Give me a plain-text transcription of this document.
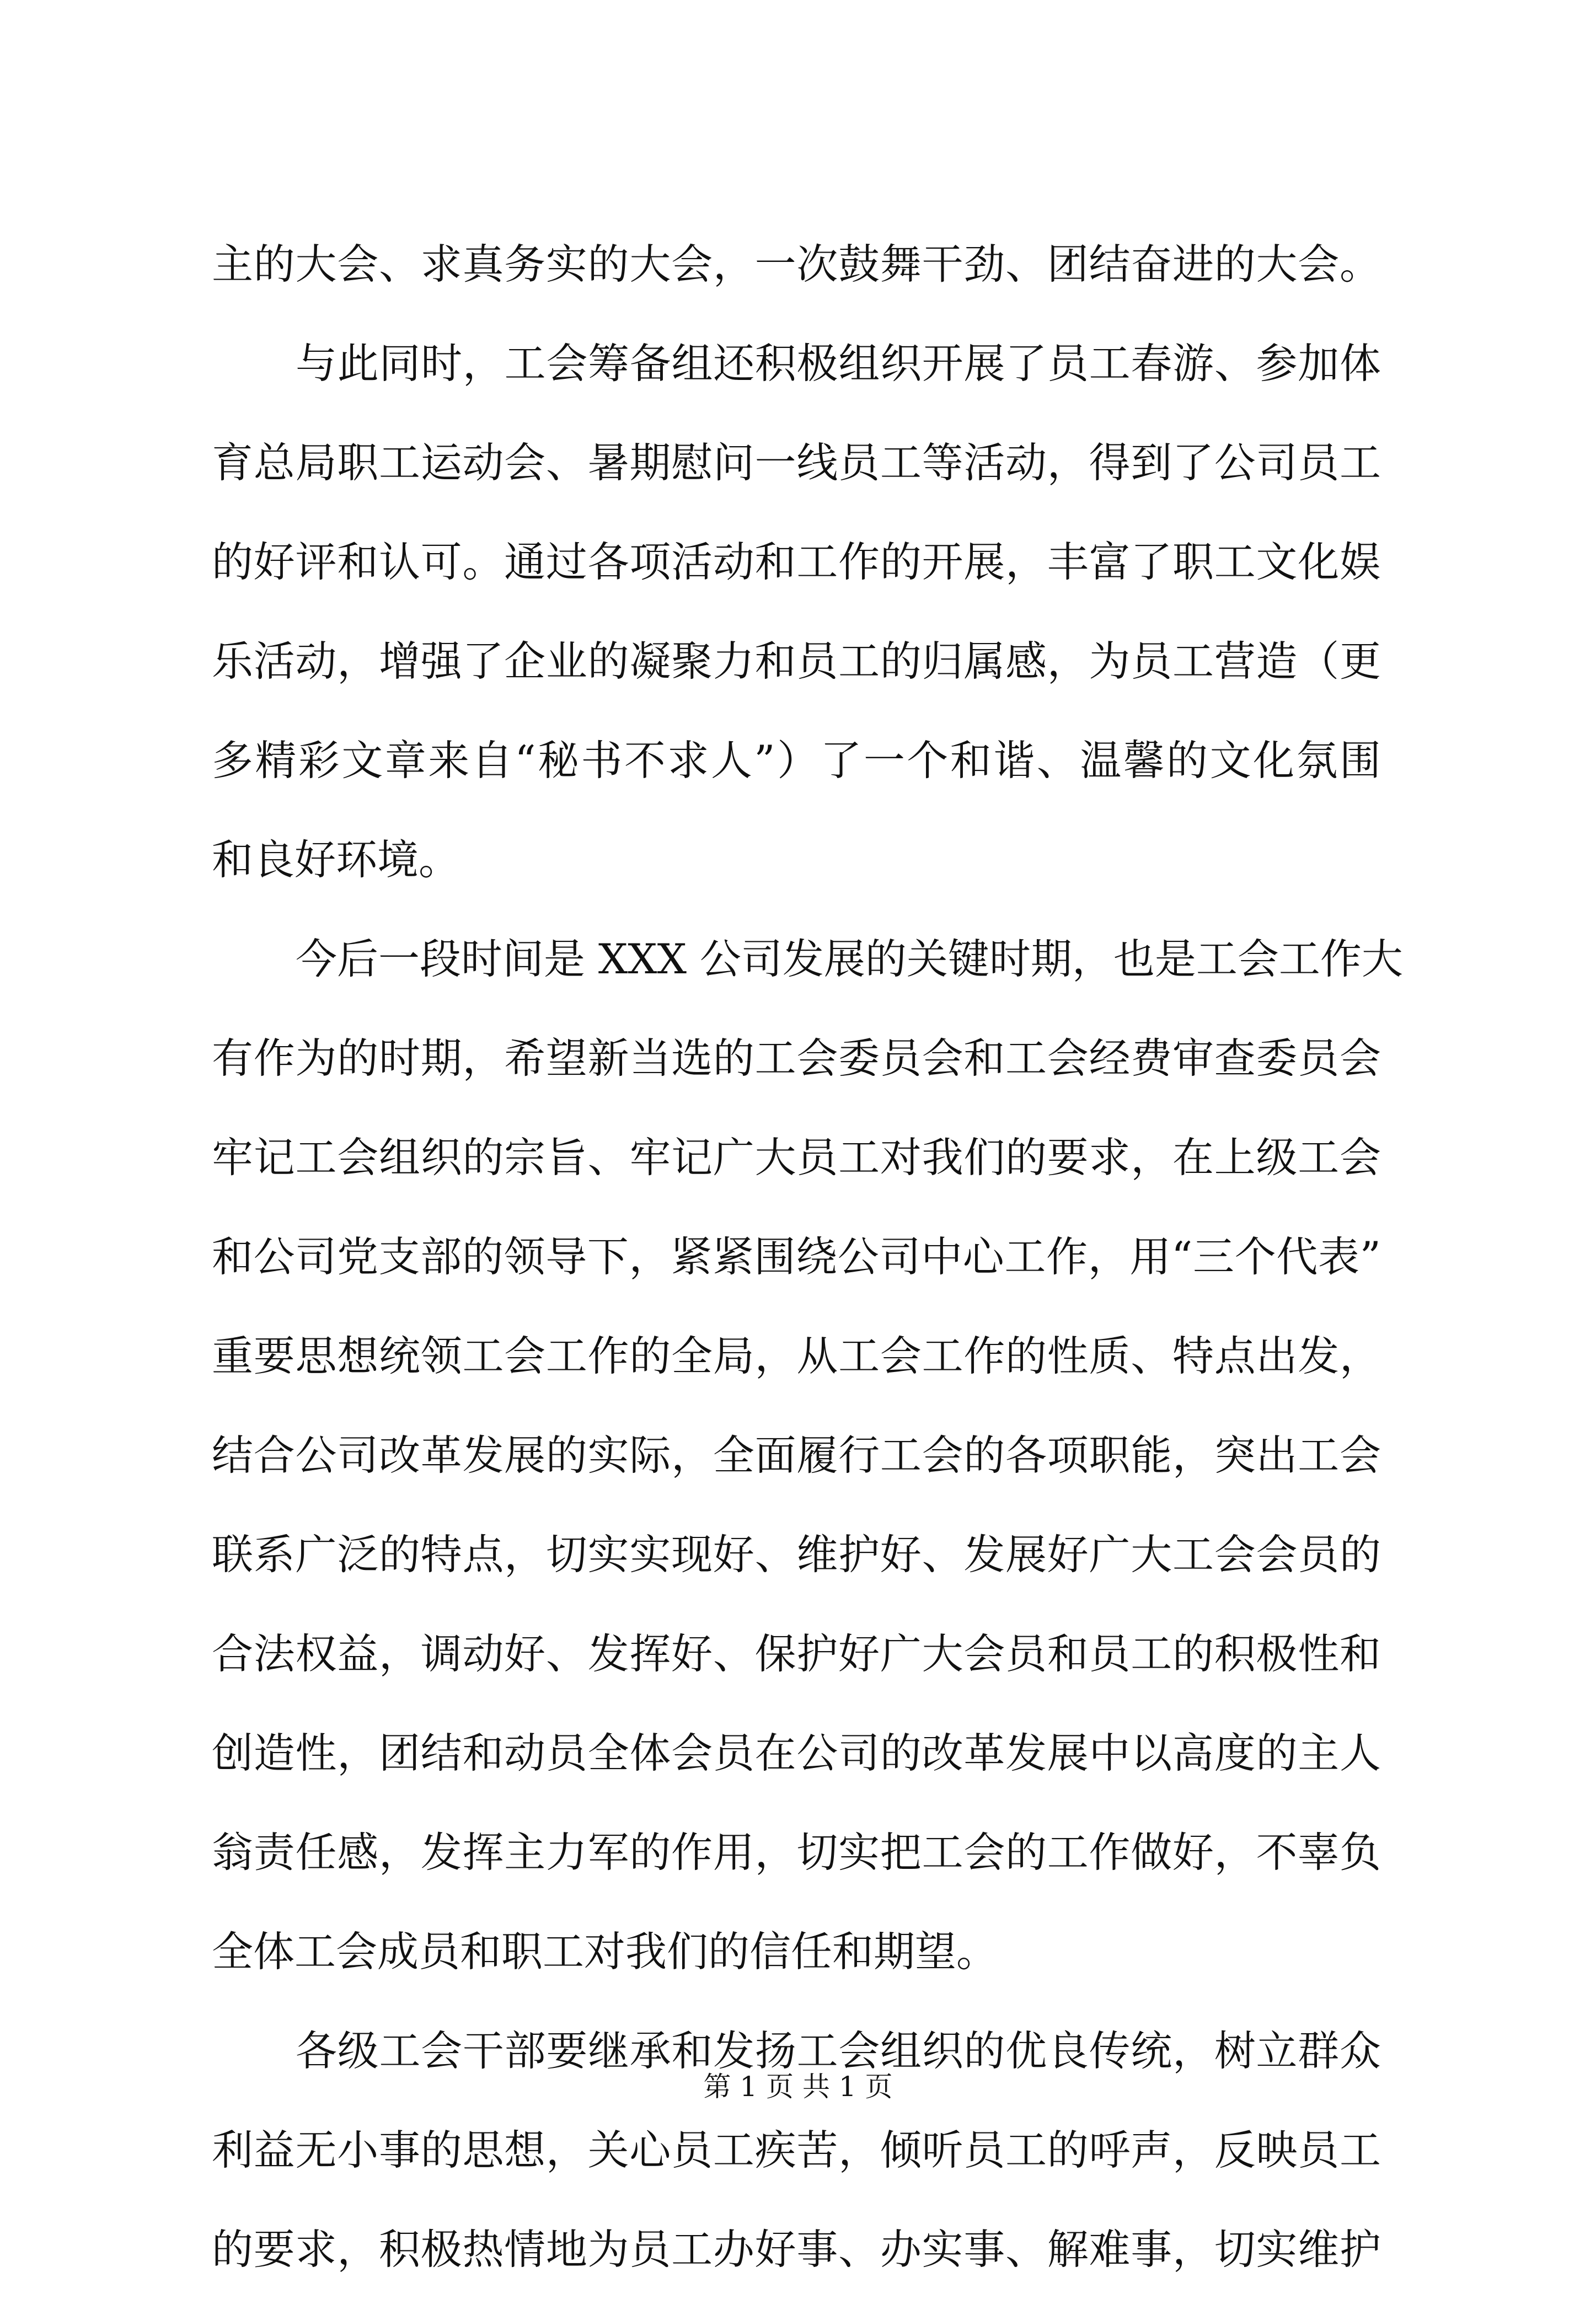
主的大会、求真务实的大会，一次鼓舞干劲、团结奋进的大会。
与此同时，工会筹备组还积极组织开展了员工春游、参加体
育总局职工运动会、暑期慰问一线员工等活动，得到了公司员工
的好评和认可。通过各项活动和工作的开展，丰富了职工文化娱
乐活动，增强了企业的凝聚力和员工的归属感，为员工营造（更
多精彩文章来自“秘书不求人”）了一个和谐、温馨的文化氛围
和良好环境。
今后一段时间是 XXX 公司发展的关键时期，也是工会工作大
有作为的时期，希望新当选的工会委员会和工会经费审查委员会
牢记工会组织的宗旨、牢记广大员工对我们的要求，在上级工会
和公司党支部的领导下，紧紧围绕公司中心工作，用“三个代表”
重要思想统领工会工作的全局，从工会工作的性质、特点出发，
结合公司改革发展的实际，全面履行工会的各项职能，突出工会
联系广泛的特点，切实实现好、维护好、发展好广大工会会员的
合法权益，调动好、发挥好、保护好广大会员和员工的积极性和
创造性，团结和动员全体会员在公司的改革发展中以高度的主人
翁责任感，发挥主力军的作用，切实把工会的工作做好，不辜负
全体工会成员和职工对我们的信任和期望。
各级工会干部要继承和发扬工会组织的优良传统，树立群众
利益无小事的思想，关心员工疾苦，倾听员工的呼声，反映员工
的要求，积极热情地为员工办好事、办实事、解难事，切实维护
第 1 页 共 1 页
